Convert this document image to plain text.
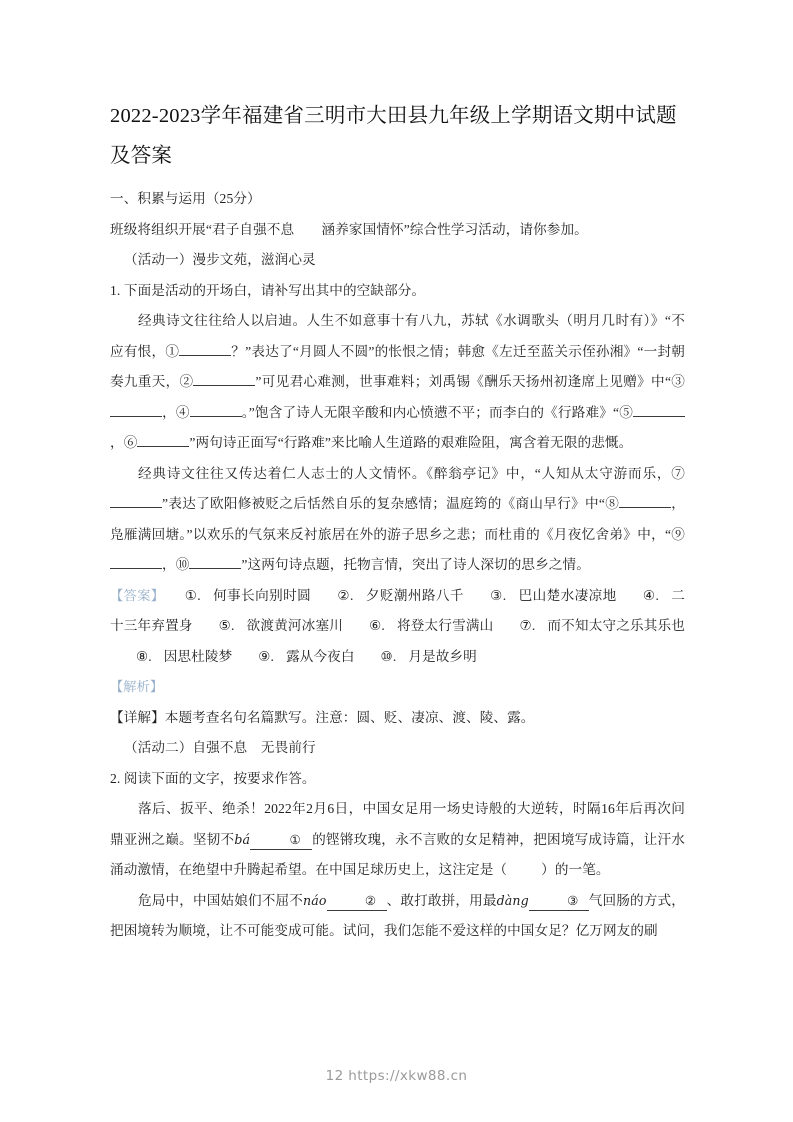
2022-2023学年福建省三明市大田县九年级上学期语文期中试题及答案

一、积累与运用（25分）

班级将组织开展“君子自强不息　　涵养家国情怀”综合性学习活动，请你参加。

（活动一）漫步文苑，滋润心灵

1. 下面是活动的开场白，请补写出其中的空缺部分。

经典诗文往往给人以启迪。人生不如意事十有八九，苏轼《水调歌头（明月几时有）》“不应有恨，①	？”表达了“月圆人不圆”的怅恨之情；韩愈《左迁至蓝关示侄孙湘》“一封朝奏九重天，②	”可见君心难测，世事难料；刘禹锡《酬乐天扬州初逢席上见赠》中“③，④	。”饱含了诗人无限辛酸和内心愤懑不平；而李白的《行路难》“⑤，⑥	”两句诗正面写“行路难”来比喻人生道路的艰难险阻，寓含着无限的悲慨。

经典诗文往往又传达着仁人志士的人文情怀。《醉翁亭记》中，“人知从太守游而乐，⑦”表达了欧阳修被贬之后恬然自乐的复杂感情；温庭筠的《商山早行》中“⑧	，凫雁满回塘。”以欢乐的气氛来反衬旅居在外的游子思乡之悲；而杜甫的《月夜忆舍弟》中，“⑨，⑩	”这两句诗点题，托物言情，突出了诗人深切的思乡之情。

【答案】 ①. 何事长向别时圆 ②. 夕贬潮州路八千 ③. 巴山楚水凄凉地 ④. 二十三年弃置身 ⑤. 欲渡黄河冰塞川 ⑥. 将登太行雪满山 ⑦. 而不知太守之乐其乐也⑧. 因思杜陵梦 ⑨. 露从今夜白 ⑩. 月是故乡明

【解析】

【详解】本题考查名句名篇默写。注意：圆、贬、凄凉、渡、陵、露。

（活动二）自强不息　无畏前行

2. 阅读下面的文字，按要求作答。

落后、扳平、绝杀！2022年2月6日，中国女足用一场史诗般的大逆转，时隔16年后再次问鼎亚洲之巅。坚韧不bá	① 的铿锵玫瑰，永不言败的女足精神，把困境写成诗篇，让汗水涌动激情，在绝望中升腾起希望。在中国足球历史上，这注定是（	）的一笔。

危局中，中国姑娘们不屈不náo	② 、敢打敢拼，用最dàng	③ 气回肠的方式，把困境转为顺境，让不可能变成可能。试问，我们怎能不爱这样的中国女足？亿万网友的刷

12 https://xkw88.cn
